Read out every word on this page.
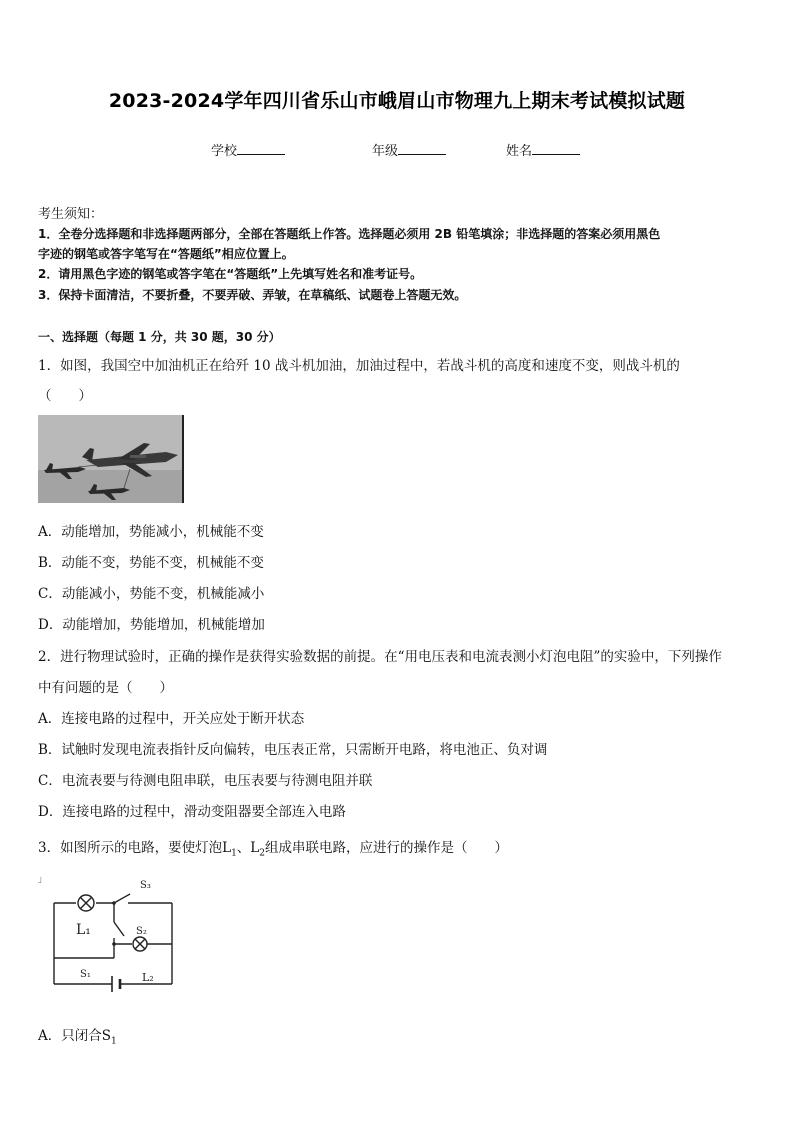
2023-2024学年四川省乐山市峨眉山市物理九上期末考试模拟试题
学校	年级	姓名
考生须知：
1．全卷分选择题和非选择题两部分，全部在答题纸上作答。选择题必须用 2B 铅笔填涂；非选择题的答案必须用黑色
字迹的钢笔或答字笔写在“答题纸”相应位置上。
2．请用黑色字迹的钢笔或答字笔在“答题纸”上先填写姓名和准考证号。
3．保持卡面清洁，不要折叠，不要弄破、弄皱，在草稿纸、试题卷上答题无效。
一、选择题（每题 1 分，共 30 题，30 分）
1．如图，我国空中加油机正在给歼 10 战斗机加油，加油过程中，若战斗机的高度和速度不变，则战斗机的
（　　）
A．动能增加，势能减小，机械能不变
B．动能不变，势能不变，机械能不变
C．动能减小，势能不变，机械能减小
D．动能增加，势能增加，机械能增加
2．进行物理试验时，正确的操作是获得实验数据的前提。在“用电压表和电流表测小灯泡电阻”的实验中，下列操作
中有问题的是（　　）
A．连接电路的过程中，开关应处于断开状态
B．试触时发现电流表指针反向偏转，电压表正常，只需断开电路，将电池正、负对调
C．电流表要与待测电阻串联，电压表要与待测电阻并联
D．连接电路的过程中，滑动变阻器要全部连入电路
3．如图所示的电路，要使灯泡$L_1$、$L_2$组成串联电路，应进行的操作是（　　）
」	S₃
L₁	S₂
S₁	L₂
A．只闭合$S_1$
